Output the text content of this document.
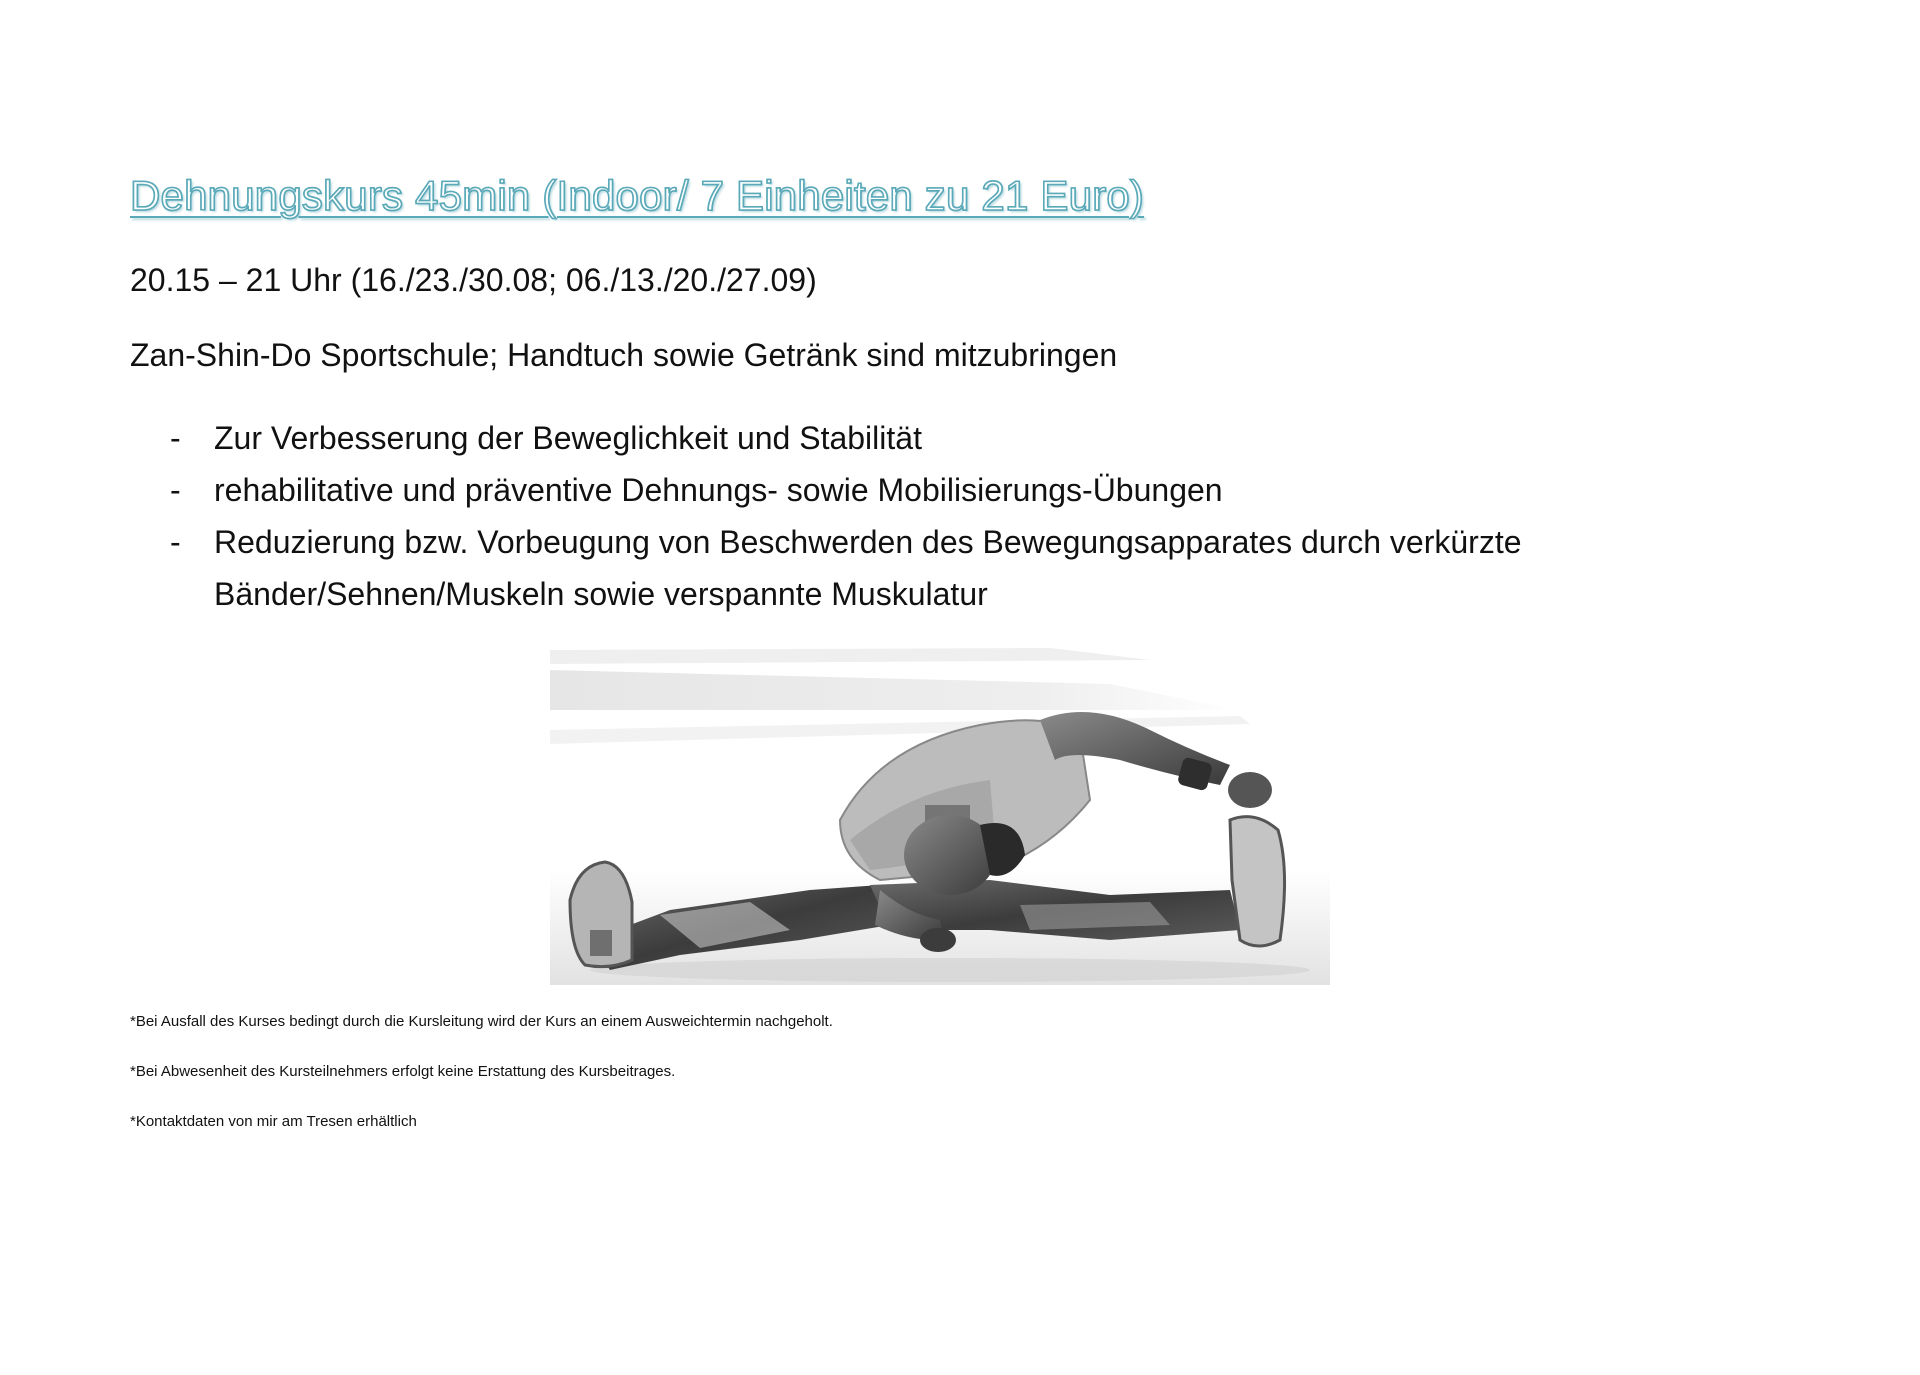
Dehnungskurs 45min (Indoor/ 7 Einheiten zu 21 Euro)

20.15 – 21 Uhr (16./23./30.08; 06./13./20./27.09)

Zan-Shin-Do Sportschule; Handtuch sowie Getränk sind mitzubringen

- Zur Verbesserung der Beweglichkeit und Stabilität
- rehabilitative und präventive Dehnungs- sowie Mobilisierungs-Übungen
- Reduzierung bzw. Vorbeugung von Beschwerden des Bewegungsapparates durch verkürzte
Bänder/Sehnen/Muskeln sowie verspannte Muskulatur

*Bei Ausfall des Kurses bedingt durch die Kursleitung wird der Kurs an einem Ausweichtermin nachgeholt.

*Bei Abwesenheit des Kursteilnehmers erfolgt keine Erstattung des Kursbeitrages.

*Kontaktdaten von mir am Tresen erhältlich
